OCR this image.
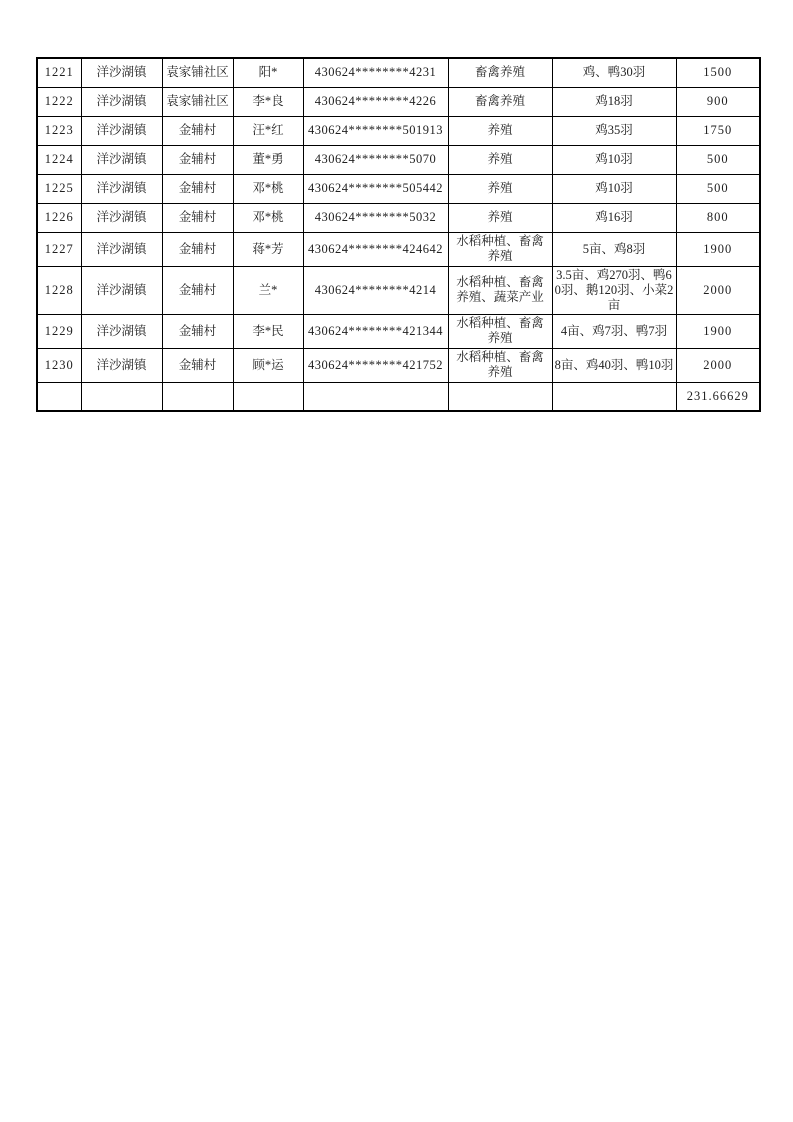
1221	洋沙湖镇	袁家铺社区	阳*	430624********4231	畜禽养殖	鸡、鸭30羽	1500
1222	洋沙湖镇	袁家铺社区	李*良	430624********4226	畜禽养殖	鸡18羽	900
1223	洋沙湖镇	金辅村	汪*红	430624********501913	养殖	鸡35羽	1750
1224	洋沙湖镇	金辅村	董*勇	430624********5070	养殖	鸡10羽	500
1225	洋沙湖镇	金辅村	邓*桃	430624********505442	养殖	鸡10羽	500
1226	洋沙湖镇	金辅村	邓*桃	430624********5032	养殖	鸡16羽	800
1227	洋沙湖镇	金辅村	蒋*芳	430624********424642	水稻种植、畜禽养殖	5亩、鸡8羽	1900
1228	洋沙湖镇	金辅村	兰*	430624********4214	水稻种植、畜禽养殖、蔬菜产业	3.5亩、鸡270羽、鸭60羽、鹅120羽、小菜2亩	2000
1229	洋沙湖镇	金辅村	李*民	430624********421344	水稻种植、畜禽养殖	4亩、鸡7羽、鸭7羽	1900
1230	洋沙湖镇	金辅村	顾*运	430624********421752	水稻种植、畜禽养殖	8亩、鸡40羽、鸭10羽	2000
							231.66629
